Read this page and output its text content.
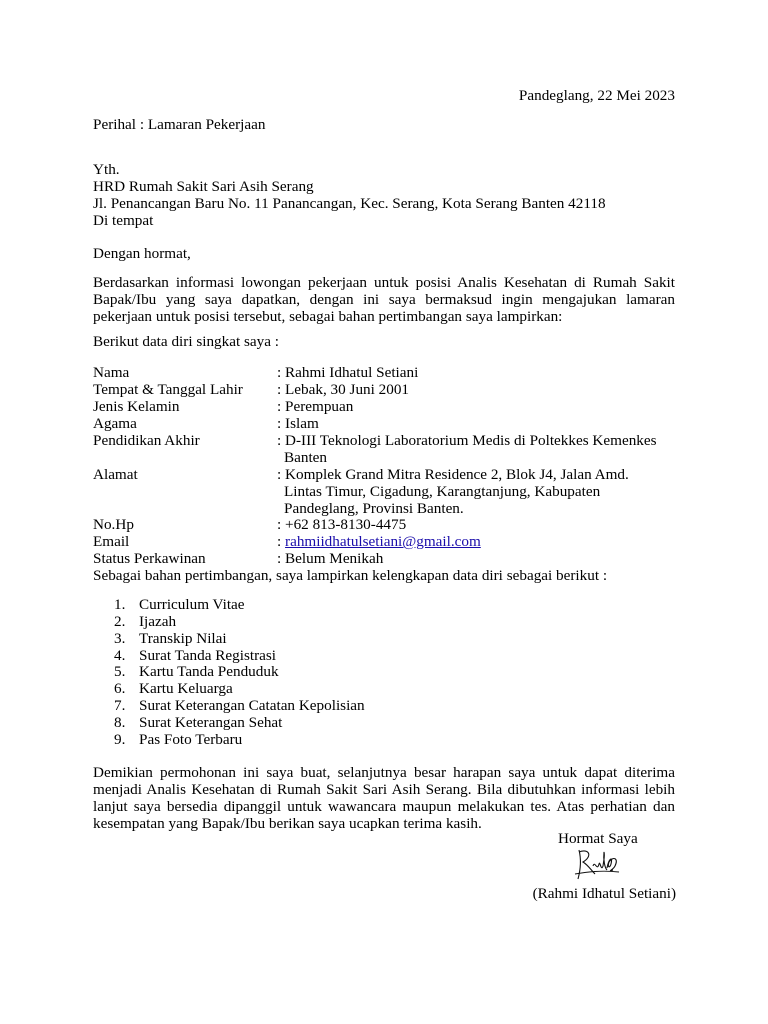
Pandeglang, 22 Mei 2023
Perihal : Lamaran Pekerjaan
Yth.
HRD Rumah Sakit Sari Asih Serang
Jl. Penancangan Baru No. 11 Panancangan, Kec. Serang, Kota Serang Banten 42118
Di tempat
Dengan hormat,
Berdasarkan informasi lowongan pekerjaan untuk posisi Analis Kesehatan di Rumah Sakit
Bapak/Ibu yang saya dapatkan, dengan ini saya bermaksud ingin mengajukan lamaran
pekerjaan untuk posisi tersebut, sebagai bahan pertimbangan saya lampirkan:
Berikut data diri singkat saya :
Nama	: Rahmi Idhatul Setiani
Tempat & Tanggal Lahir : Lebak, 30 Juni 2001
Jenis Kelamin	: Perempuan
Agama	: Islam
Pendidikan Akhir	: D-III Teknologi Laboratorium Medis di Poltekkes Kemenkes
Banten
Alamat	: Komplek Grand Mitra Residence 2, Blok J4, Jalan Amd.
Lintas Timur, Cigadung, Karangtanjung, Kabupaten
Pandeglang, Provinsi Banten.
No.Hp	: +62 813-8130-4475
Email	: rahmiidhatulsetiani@gmail.com
Status Perkawinan	: Belum Menikah
Sebagai bahan pertimbangan, saya lampirkan kelengkapan data diri sebagai berikut :
1. Curriculum Vitae
2. Ijazah
3. Transkip Nilai
4. Surat Tanda Registrasi
5. Kartu Tanda Penduduk
6. Kartu Keluarga
7. Surat Keterangan Catatan Kepolisian
8. Surat Keterangan Sehat
9. Pas Foto Terbaru
Demikian permohonan ini saya buat, selanjutnya besar harapan saya untuk dapat diterima
menjadi Analis Kesehatan di Rumah Sakit Sari Asih Serang. Bila dibutuhkan informasi lebih
lanjut saya bersedia dipanggil untuk wawancara maupun melakukan tes. Atas perhatian dan
kesempatan yang Bapak/Ibu berikan saya ucapkan terima kasih.
Hormat Saya
(Rahmi Idhatul Setiani)
